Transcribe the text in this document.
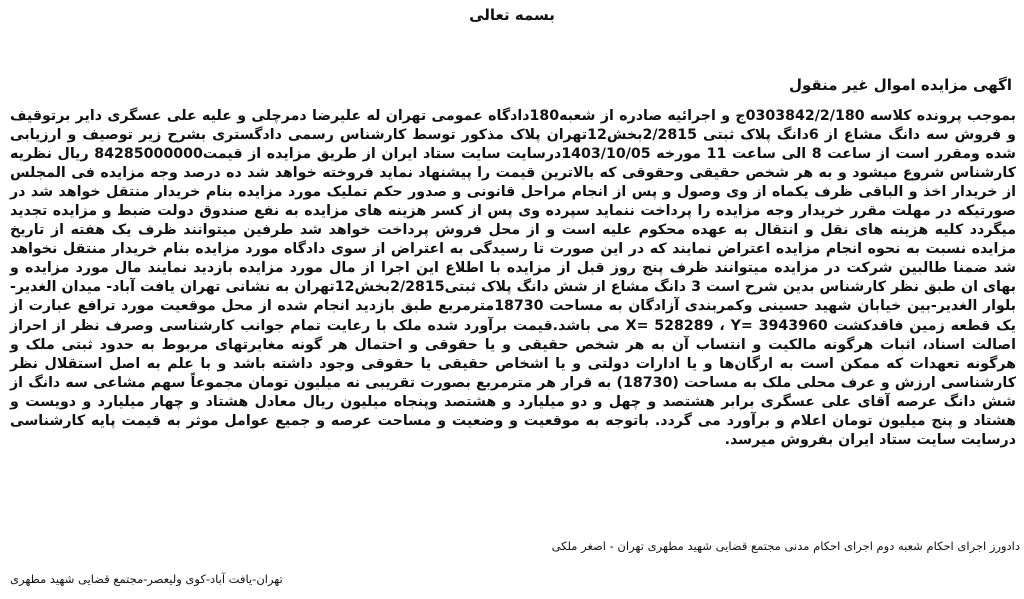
بسمه تعالی
اگهی مزایده اموال غیر منقول
بموجب پرونده کلاسه 0303842/2/180ج و اجرائیه صادره از شعبه180دادگاه عمومی تهران له علیرضا دمرچلی و علیه علی عسگری دایر برتوقیف و فروش سه دانگ مشاع از 6دانگ پلاک ثبتی 2/2815بخش12تهران پلاک مذکور توسط کارشناس رسمی دادگستری بشرح زیر توصیف و ارزیابی شده ومقرر است از ساعت 8 الی ساعت 11 مورخه 1403/10/05درسایت سایت ستاد ایران از طریق مزایده از قیمت84285000000 ریال نظریه کارشناس شروع میشود و به هر شخص حقیقی وحقوقی که بالاترین قیمت را پیشنهاد نماید فروخته خواهد شد ده درصد وجه مزایده فی المجلس از خریدار اخذ و الباقی ظرف یکماه از وی وصول و پس از انجام مراحل قانونی و صدور حکم تملیک مورد مزایده بنام خریدار منتقل خواهد شد در صورتیکه در مهلت مقرر خریدار وجه مزایده را پرداخت ننماید سپرده وی پس از کسر هزینه های مزایده به نفع صندوق دولت ضبط و مزایده تجدید میگردد کلیه هزینه های نقل و انتقال به عهده محکوم علیه است و از محل فروش پرداخت خواهد شد طرفین میتوانند ظرف یک هفته از تاریخ مزایده نسبت به نحوه انجام مزایده اعتراض نمایند که در این صورت تا رسیدگی به اعتراض از سوی دادگاه مورد مزایده بنام خریدار منتقل نخواهد شد ضمنا طالبین شرکت در مزایده میتوانند ظرف پنج روز قبل از مزایده با اطلاع این اجرا از مال مورد مزایده بازدید نمایند مال مورد مزایده و بهای ان طبق نظر کارشناس بدین شرح است 3 دانگ مشاع از شش دانگ پلاک ثبتی2/2815بخش12تهران به نشانی تهران یافت آباد- میدان الغدیر- بلوار الغدیر-بین خیابان شهید حسینی وکمربندی آزادگان به مساحت 18730مترمربع طبق بازدید انجام شده از محل موقعیت مورد ترافع عبارت از یک قطعه زمین فاقدکشت X= 528289 ، Y= 3943960 می باشد.قیمت برآورد شده ملک با رعایت تمام جوانب کارشناسی وصرف نظر از احراز اصالت اسناد، اثبات هرگونه مالکیت و انتساب آن به هر شخص حقیقی و یا حقوقی و احتمال هر گونه مغایرتهای مربوط به حدود ثبتی ملک و هرگونه تعهدات که ممکن است به ارگان‌ها و یا ادارات دولتی و یا اشخاص حقیقی یا حقوقی وجود داشته باشد و با علم به اصل استقلال نظر کارشناسی ارزش و عرف محلی ملک به مساحت (18730) به قرار هر مترمربع بصورت تقریبی نه میلیون تومان مجموعاً سهم مشاعی سه دانگ از شش دانگ عرصه آقای علی عسگری برابر هشتصد و چهل و دو میلیارد و هشتصد وپنجاه میلیون ریال معادل هشتاد و چهار میلیارد و دویست و هشتاد و پنج میلیون تومان اعلام و برآورد می گردد. باتوجه به موقعیت و وضعیت و مساحت عرصه و جمیع عوامل موثر به قیمت پایه کارشناسی درسایت سایت ستاد ایران بفروش میرسد.
دادورز اجرای احکام شعبه دوم اجرای احکام مدنی مجتمع قضایی شهید مطهری تهران - اصغر ملکی
تهران-یافت آباد-کوی ولیعصر-مجتمع قضایی شهید مطهری
